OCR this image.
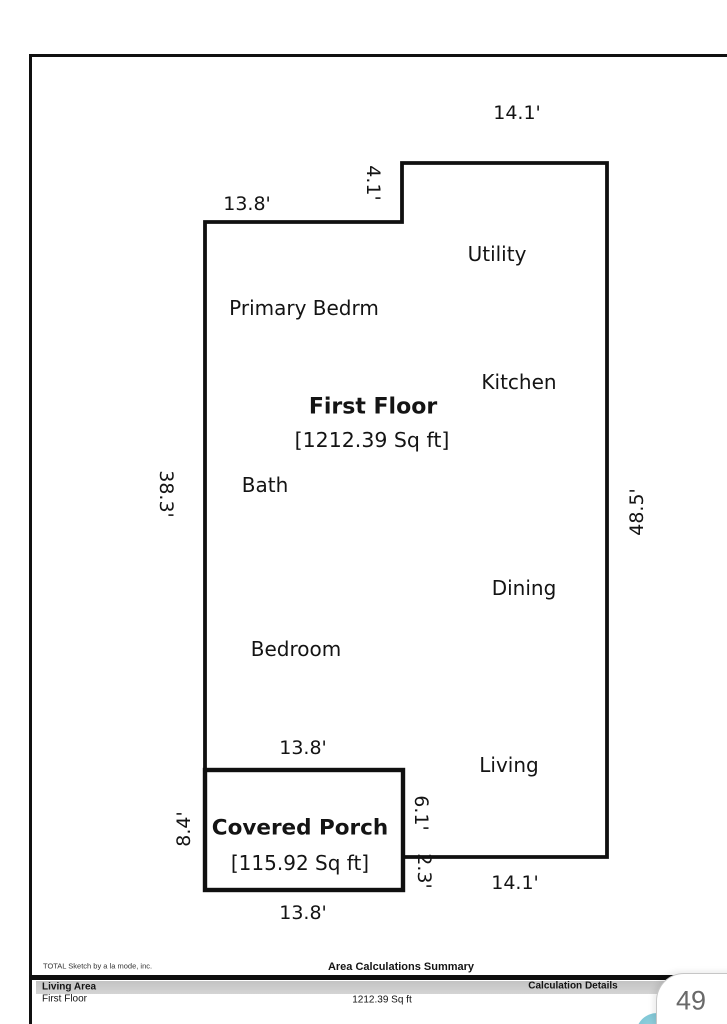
14.1'
13.8'
4.1'
38.3'	48.5'
13.8'
8.4'	6.1'
2.3'	14.1'
13.8'
Utility
Primary Bedrm
Kitchen
Bath
Dining
Bedroom
Living
First Floor
[1212.39 Sq ft]
Covered Porch
[115.92 Sq ft]
TOTAL Sketch by a la mode, inc.	Area Calculations Summary
Living Area	Calculation Details
First Floor	1212.39 Sq ft	49
